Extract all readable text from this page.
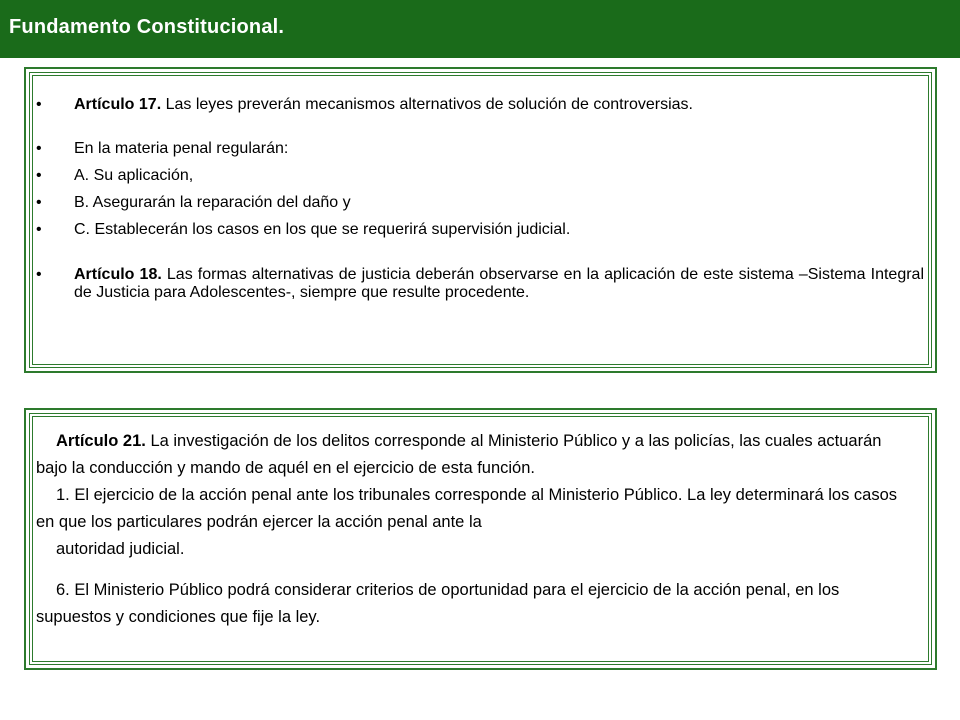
Fundamento Constitucional.
• Artículo 17. Las leyes preverán mecanismos alternativos de solución de controversias.
• En la materia penal regularán:
• A. Su aplicación,
• B. Asegurarán la reparación del daño y
• C. Establecerán los casos en los que se requerirá supervisión judicial.
• Artículo 18. Las formas alternativas de justicia deberán observarse en la aplicación de este sistema –Sistema Integral de Justicia para Adolescentes-, siempre que resulte procedente.

Artículo 21. La investigación de los delitos corresponde al Ministerio Público y a las policías, las cuales actuarán bajo la conducción y mando de aquél en el ejercicio de esta función.

1. El ejercicio de la acción penal ante los tribunales corresponde al Ministerio Público. La ley determinará los casos en que los particulares podrán ejercer la acción penal ante la

autoridad judicial.

6. El Ministerio Público podrá considerar criterios de oportunidad para el ejercicio de la acción penal, en los supuestos y condiciones que fije la ley.
